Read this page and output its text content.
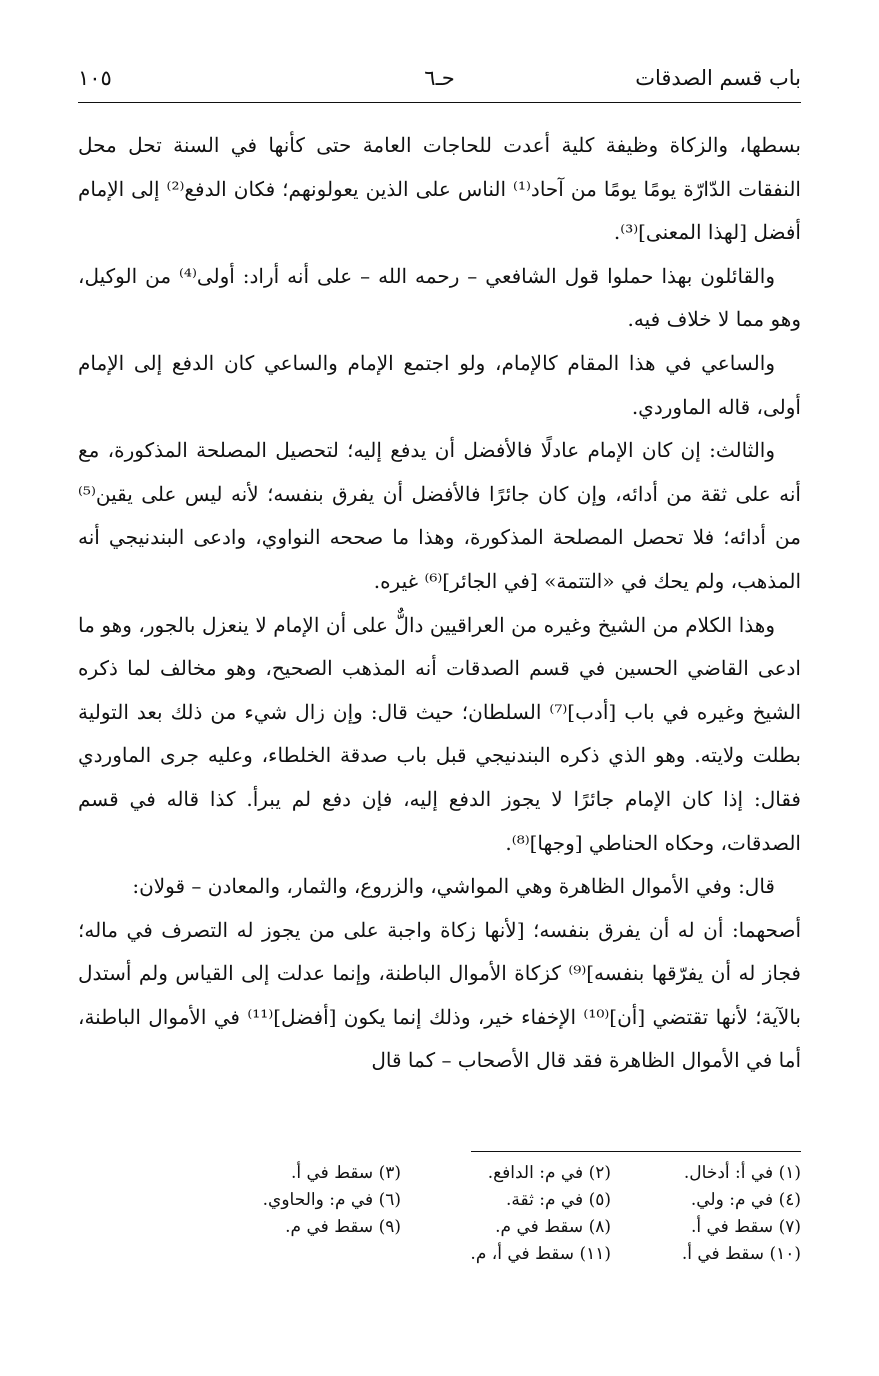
باب قسم الصدقات
حـ٦
١٠٥

بسطها، والزكاة وظيفة كلية أعدت للحاجات العامة حتى كأنها في السنة تحل محل النفقات الدّارّة يومًا يومًا من آحاد⁽¹⁾ الناس على الذين يعولونهم؛ فكان الدفع⁽²⁾ إلى الإمام أفضل [لهذا المعنى]⁽³⁾.

والقائلون بهذا حملوا قول الشافعي – رحمه الله – على أنه أراد: أولى⁽⁴⁾ من الوكيل، وهو مما لا خلاف فيه.

والساعي في هذا المقام كالإمام، ولو اجتمع الإمام والساعي كان الدفع إلى الإمام أولى، قاله الماوردي.

والثالث: إن كان الإمام عادلًا فالأفضل أن يدفع إليه؛ لتحصيل المصلحة المذكورة، مع أنه على ثقة من أدائه، وإن كان جائرًا فالأفضل أن يفرق بنفسه؛ لأنه ليس على يقين⁽⁵⁾ من أدائه؛ فلا تحصل المصلحة المذكورة، وهذا ما صححه النواوي، وادعى البندنيجي أنه المذهب، ولم يحك في «التتمة» [في الجائر]⁽⁶⁾ غيره.

وهذا الكلام من الشيخ وغيره من العراقيين دالٌّ على أن الإمام لا ينعزل بالجور، وهو ما ادعى القاضي الحسين في قسم الصدقات أنه المذهب الصحيح، وهو مخالف لما ذكره الشيخ وغيره في باب [أدب]⁽⁷⁾ السلطان؛ حيث قال: وإن زال شيء من ذلك بعد التولية بطلت ولايته. وهو الذي ذكره البندنيجي قبل باب صدقة الخلطاء، وعليه جرى الماوردي فقال: إذا كان الإمام جائرًا لا يجوز الدفع إليه، فإن دفع لم يبرأ. كذا قاله في قسم الصدقات، وحكاه الحناطي [وجها]⁽⁸⁾.

قال: وفي الأموال الظاهرة وهي المواشي، والزروع، والثمار، والمعادن – قولان:

أصحهما: أن له أن يفرق بنفسه؛ [لأنها زكاة واجبة على من يجوز له التصرف في ماله؛ فجاز له أن يفرّقها بنفسه]⁽⁹⁾ كزكاة الأموال الباطنة، وإنما عدلت إلى القياس ولم أستدل بالآية؛ لأنها تقتضي [أن]⁽¹⁰⁾ الإخفاء خير، وذلك إنما يكون [أفضل]⁽¹¹⁾ في الأموال الباطنة، أما في الأموال الظاهرة فقد قال الأصحاب – كما قال

(١) في أ: أدخال.
(٢) في م: الدافع.
(٣) سقط في أ.
(٤) في م: ولي.
(٥) في م: ثقة.
(٦) في م: والحاوي.
(٧) سقط في أ.
(٨) سقط في م.
(٩) سقط في م.
(١٠) سقط في أ.
(١١) سقط في أ، م.
